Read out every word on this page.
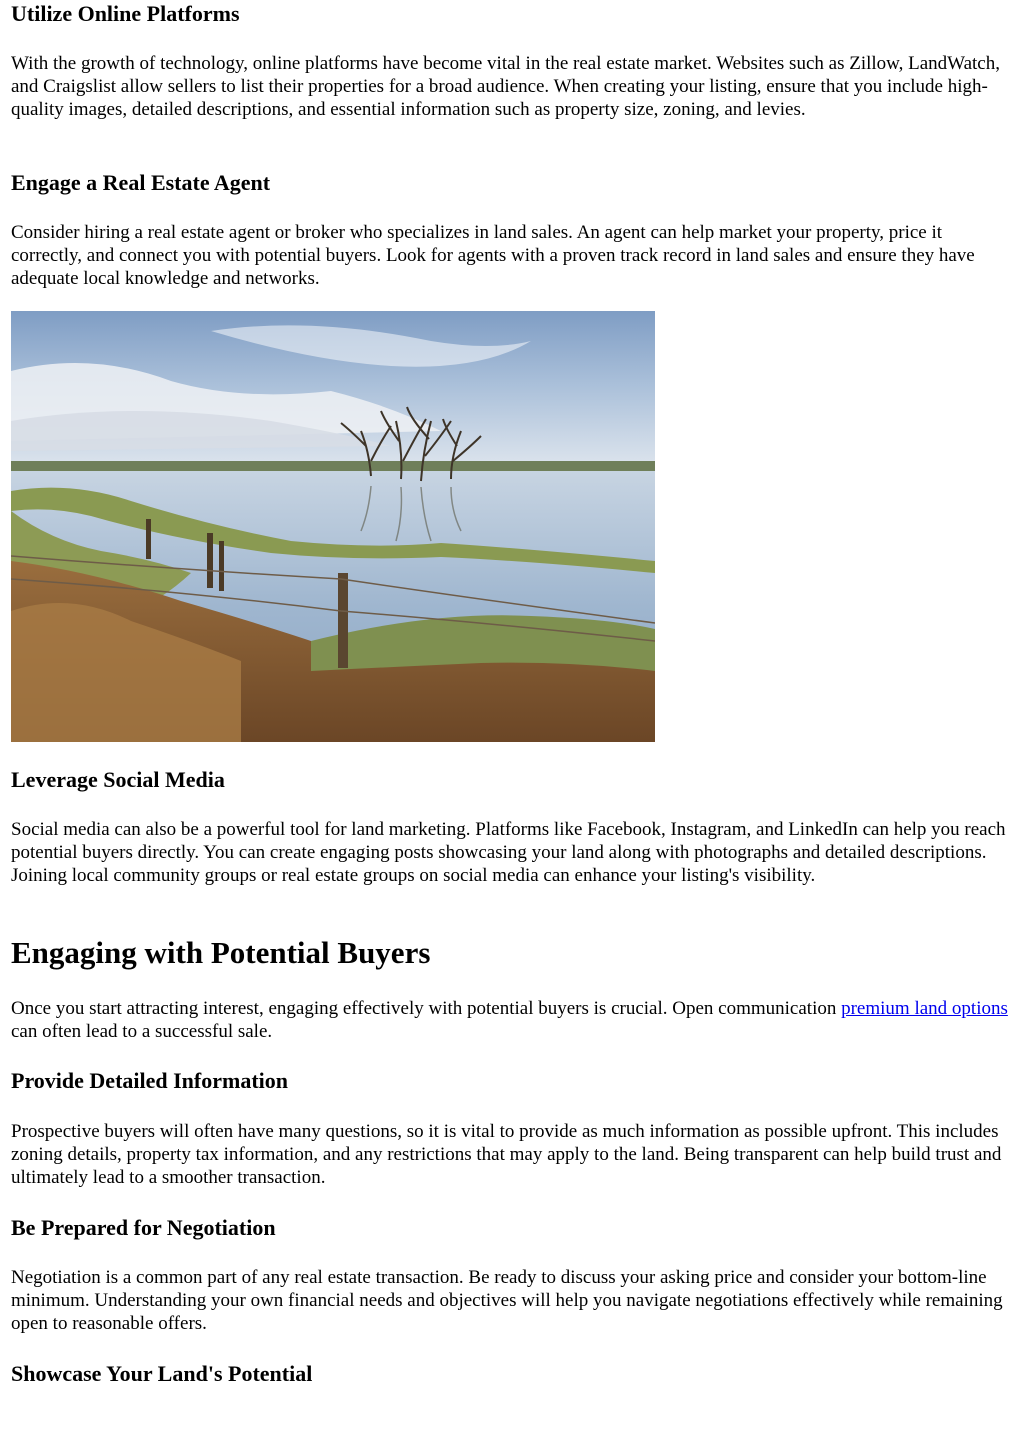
Utilize Online Platforms

With the growth of technology, online platforms have become vital in the real estate market. Websites such as Zillow, LandWatch, and Craigslist allow sellers to list their properties for a broad audience. When creating your listing, ensure that you include high-quality images, detailed descriptions, and essential information such as property size, zoning, and levies.

Engage a Real Estate Agent

Consider hiring a real estate agent or broker who specializes in land sales. An agent can help market your property, price it correctly, and connect you with potential buyers. Look for agents with a proven track record in land sales and ensure they have adequate local knowledge and networks.

Leverage Social Media

Social media can also be a powerful tool for land marketing. Platforms like Facebook, Instagram, and LinkedIn can help you reach potential buyers directly. You can create engaging posts showcasing your land along with photographs and detailed descriptions. Joining local community groups or real estate groups on social media can enhance your listing's visibility.

Engaging with Potential Buyers

Once you start attracting interest, engaging effectively with potential buyers is crucial. Open communication premium land options can often lead to a successful sale.

Provide Detailed Information

Prospective buyers will often have many questions, so it is vital to provide as much information as possible upfront. This includes zoning details, property tax information, and any restrictions that may apply to the land. Being transparent can help build trust and ultimately lead to a smoother transaction.

Be Prepared for Negotiation

Negotiation is a common part of any real estate transaction. Be ready to discuss your asking price and consider your bottom-line minimum. Understanding your own financial needs and objectives will help you navigate negotiations effectively while remaining open to reasonable offers.

Showcase Your Land's Potential
